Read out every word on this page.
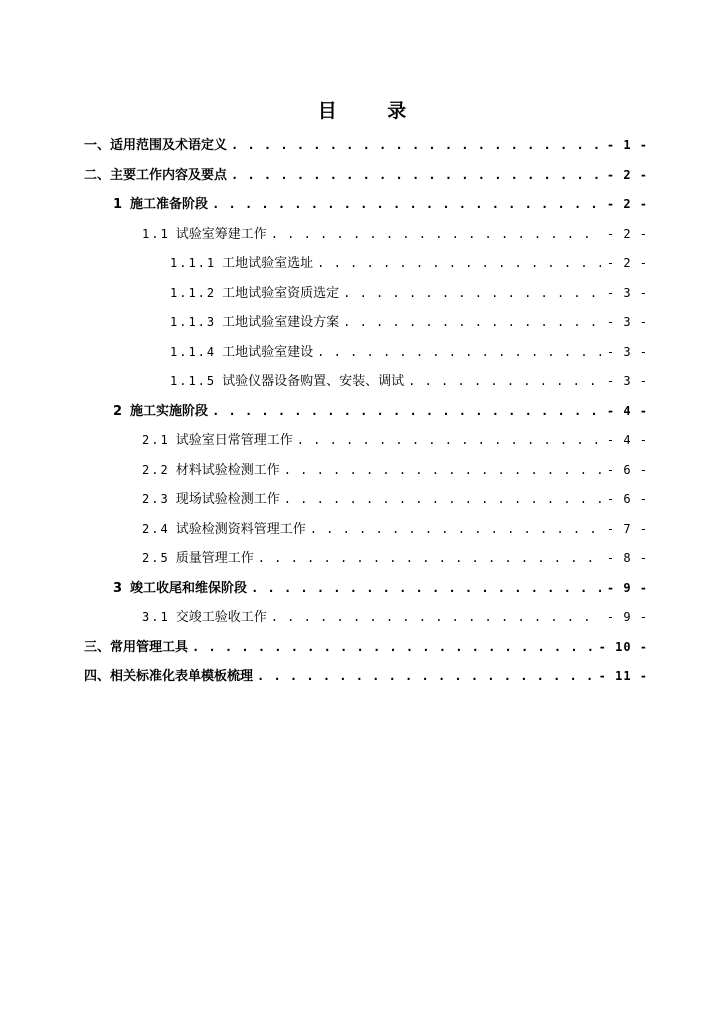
目 录
一、适用范围及术语定义 . . .	- 1 -
二、主要工作内容及要点 . . .	- 2 -
1 施工准备阶段 . . .	- 2 -
1.1 试验室筹建工作 . . .	- 2 -
1.1.1 工地试验室选址 . . .	- 2 -
1.1.2 工地试验室资质选定 . . .	- 3 -
1.1.3 工地试验室建设方案 . . .	- 3 -
1.1.4 工地试验室建设 . . .	- 3 -
1.1.5 试验仪器设备购置、安装、调试 . . .	- 3 -
2 施工实施阶段 . . .	- 4 -
2.1 试验室日常管理工作 . . .	- 4 -
2.2 材料试验检测工作 . . .	- 6 -
2.3 现场试验检测工作 . . .	- 6 -
2.4 试验检测资料管理工作 . . .	- 7 -
2.5 质量管理工作 . . .	- 8 -
3 竣工收尾和维保阶段 . . .	- 9 -
3.1 交竣工验收工作 . . .	- 9 -
三、常用管理工具 . . .	- 10 -
四、相关标准化表单模板梳理 . . .	- 11 -
